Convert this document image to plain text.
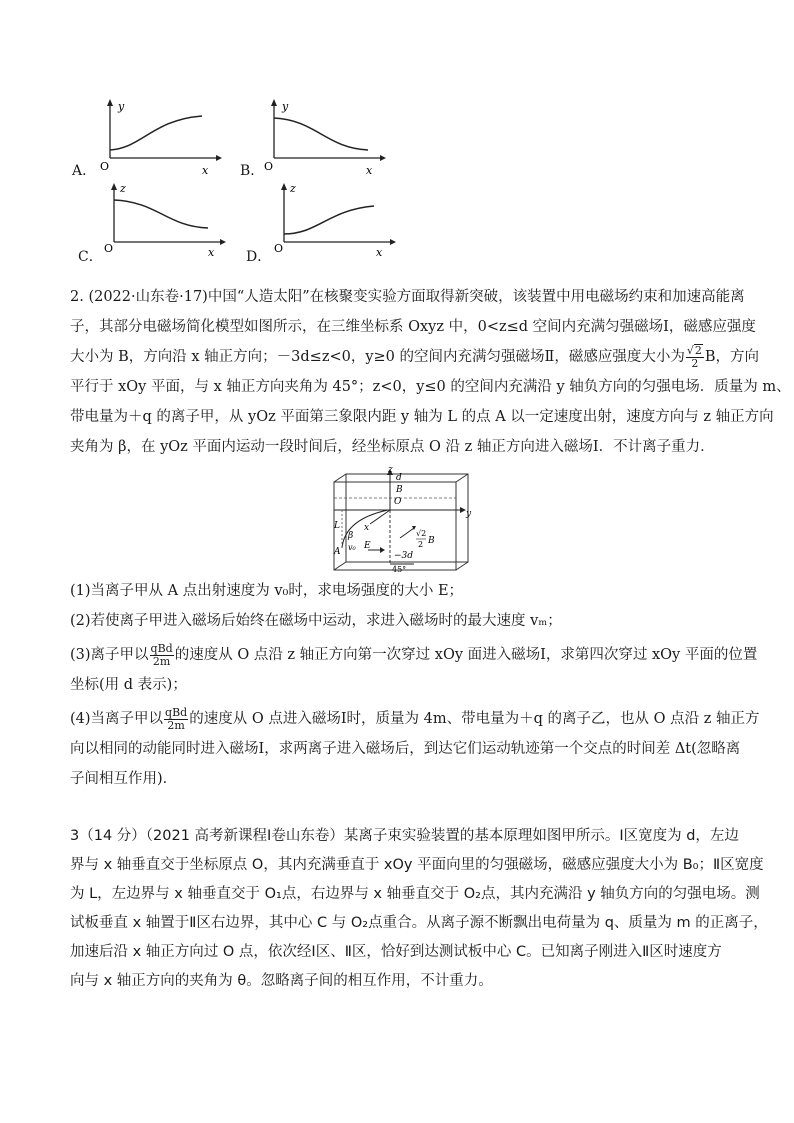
A．
y
O	x B．
y
O	x
C．
z
O	x D．
z
O	x
2. (2022·山东卷·17)中国“人造太阳”在核聚变实验方面取得新突破，该装置中用电磁场约束和加速高能离
子，其部分电磁场简化模型如图所示，在三维坐标系 Oxyz 中，0<z≤d 空间内充满匀强磁场Ⅰ，磁感应强度
大小为 B，方向沿 x 轴正方向；－3d≤z<0，y≥0 的空间内充满匀强磁场Ⅱ，磁感应强度大小为 $\frac{√2}{2}$ B，方向
平行于 xOy 平面，与 x 轴正方向夹角为 45°；z<0，y≤0 的空间内充满沿 y 轴负方向的匀强电场．质量为 m、
带电量为＋q 的离子甲，从 yOz 平面第三象限内距 y 轴为 L 的点 A 以一定速度出射，速度方向与 z 轴正方向
夹角为 β，在 yOz 平面内运动一段时间后，经坐标原点 O 沿 z 轴正方向进入磁场Ⅰ．不计离子重力．
z
d
B
O
y
x
L
β
A v₀ E
√2
2 B
−3d
45°
(1)当离子甲从 A 点出射速度为 v₀时，求电场强度的大小 E；
(2)若使离子甲进入磁场后始终在磁场中运动，求进入磁场时的最大速度 vₘ；
(3)离子甲以 $\frac{\text{qBd}}{2m}$ 的速度从 O 点沿 z 轴正方向第一次穿过 xOy 面进入磁场Ⅰ，求第四次穿过 xOy 平面的位置
坐标(用 d 表示)；
(4)当离子甲以 $\frac{\text{qBd}}{2m}$ 的速度从 O 点进入磁场Ⅰ时，质量为 4m、带电量为＋q 的离子乙，也从 O 点沿 z 轴正方
向以相同的动能同时进入磁场Ⅰ，求两离子进入磁场后，到达它们运动轨迹第一个交点的时间差 Δt(忽略离
子间相互作用)．
3（14 分）（2021 高考新课程Ⅰ卷山东卷）某离子束实验装置的基本原理如图甲所示。Ⅰ区宽度为 d，左边
界与 x 轴垂直交于坐标原点 O，其内充满垂直于 xOy 平面向里的匀强磁场，磁感应强度大小为 B₀；Ⅱ区宽度
为 L，左边界与 x 轴垂直交于 O₁点，右边界与 x 轴垂直交于 O₂点，其内充满沿 y 轴负方向的匀强电场。测
试板垂直 x 轴置于Ⅱ区右边界，其中心 C 与 O₂点重合。从离子源不断飘出电荷量为 q、质量为 m 的正离子，
加速后沿 x 轴正方向过 O 点，依次经Ⅰ区、Ⅱ区，恰好到达测试板中心 C。已知离子刚进入Ⅱ区时速度方
向与 x 轴正方向的夹角为 θ。忽略离子间的相互作用，不计重力。
